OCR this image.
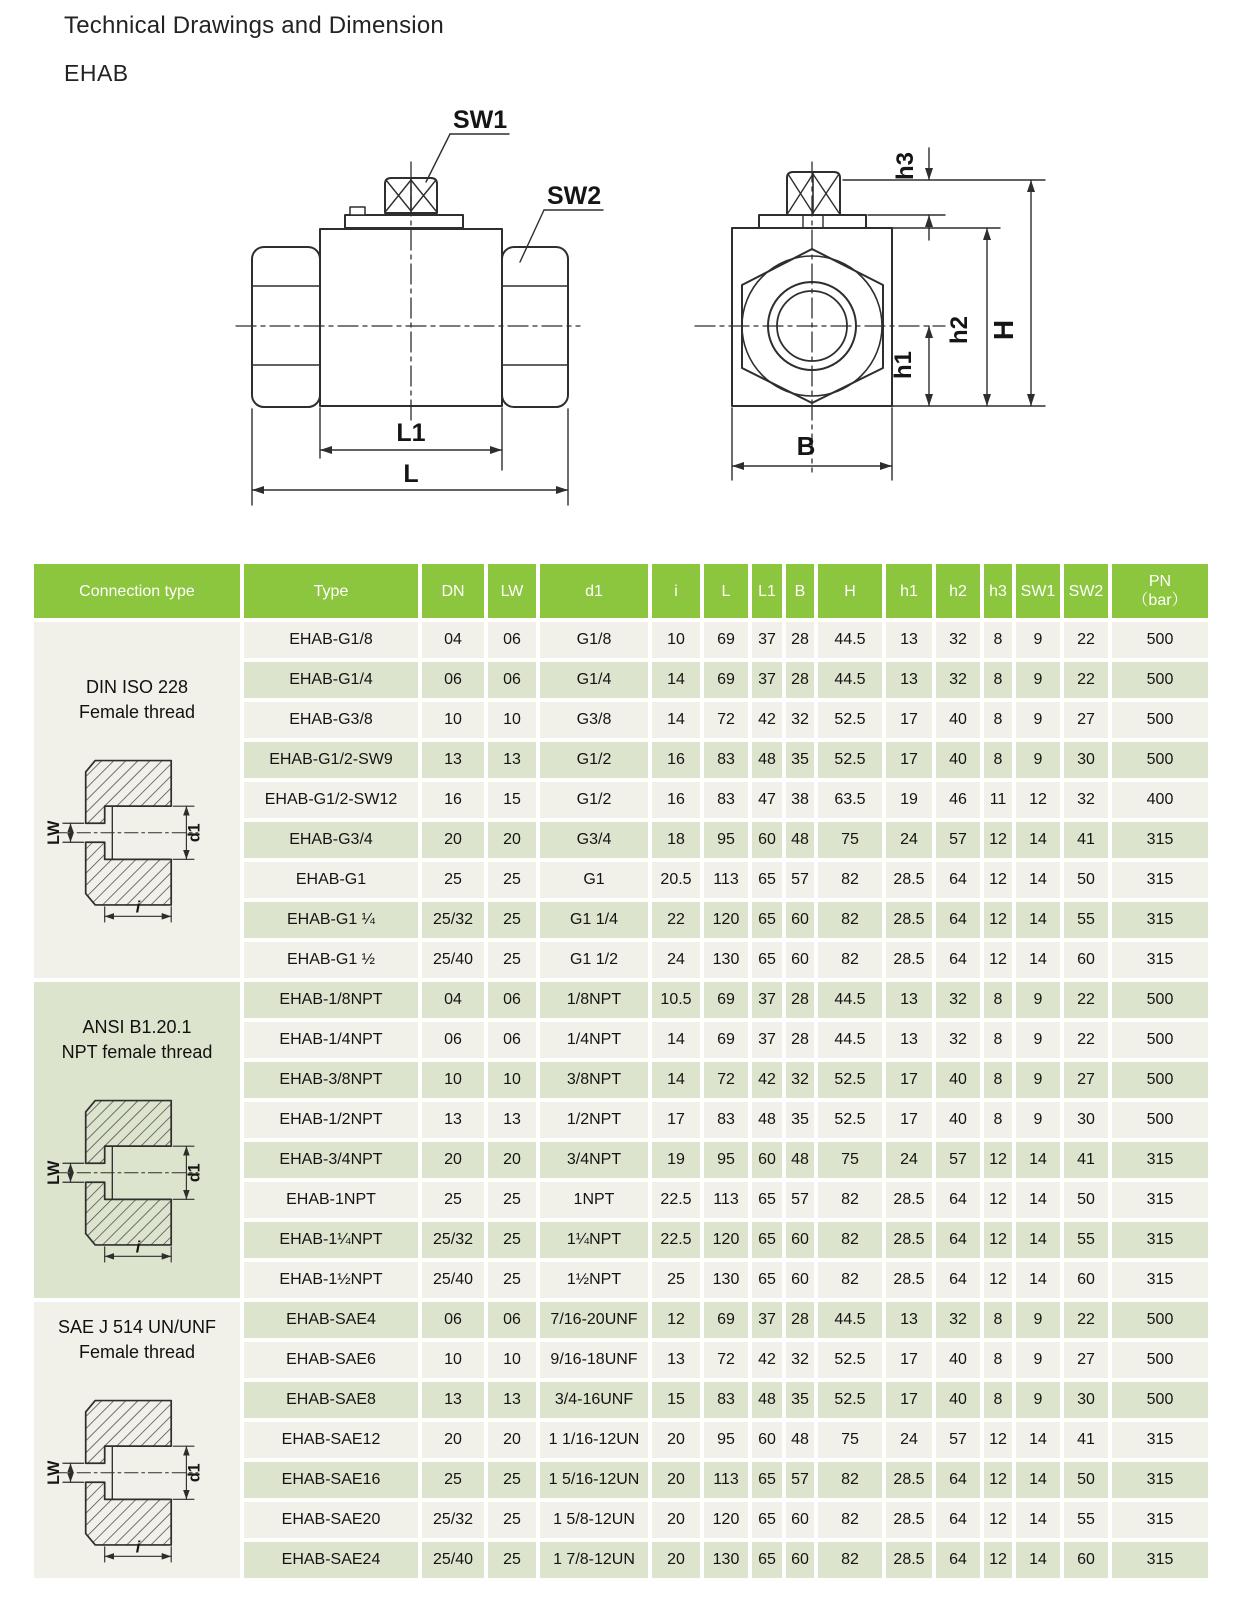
Technical Drawings and Dimension
EHAB
SW1
SW2
L1
L
h3
h1
h2 H
B
Connection type	Type	DN	LW	d1	i	L	L1	B	H	h1	h2	h3	SW1	SW2	PN
（bar）

DIN ISO 228
Female thread
LW d1
i	EHAB-G1/8	04	06	G1/8	10	69	37	28	44.5	13	32	8	9	22	500
	EHAB-G1/4	06	06	G1/4	14	69	37	28	44.5	13	32	8	9	22	500
	EHAB-G3/8	10	10	G3/8	14	72	42	32	52.5	17	40	8	9	27	500
	EHAB-G1/2-SW9	13	13	G1/2	16	83	48	35	52.5	17	40	8	9	30	500
	EHAB-G1/2-SW12	16	15	G1/2	16	83	47	38	63.5	19	46	11	12	32	400
	EHAB-G3/4	20	20	G3/4	18	95	60	48	75	24	57	12	14	41	315
	EHAB-G1	25	25	G1	20.5	113	65	57	82	28.5	64	12	14	50	315
	EHAB-G1 ¼	25/32	25	G1 1/4	22	120	65	60	82	28.5	64	12	14	55	315
	EHAB-G1 ½	25/40	25	G1 1/2	24	130	65	60	82	28.5	64	12	14	60	315

ANSI B1.20.1
NPT female thread
LW d1
i	EHAB-1/8NPT	04	06	1/8NPT	10.5	69	37	28	44.5	13	32	8	9	22	500
	EHAB-1/4NPT	06	06	1/4NPT	14	69	37	28	44.5	13	32	8	9	22	500
	EHAB-3/8NPT	10	10	3/8NPT	14	72	42	32	52.5	17	40	8	9	27	500
	EHAB-1/2NPT	13	13	1/2NPT	17	83	48	35	52.5	17	40	8	9	30	500
	EHAB-3/4NPT	20	20	3/4NPT	19	95	60	48	75	24	57	12	14	41	315
	EHAB-1NPT	25	25	1NPT	22.5	113	65	57	82	28.5	64	12	14	50	315
	EHAB-1¼NPT	25/32	25	1¼NPT	22.5	120	65	60	82	28.5	64	12	14	55	315
	EHAB-1½NPT	25/40	25	1½NPT	25	130	65	60	82	28.5	64	12	14	60	315

SAE J 514 UN/UNF
Female thread
LW d1
i	EHAB-SAE4	06	06	7/16-20UNF	12	69	37	28	44.5	13	32	8	9	22	500
	EHAB-SAE6	10	10	9/16-18UNF	13	72	42	32	52.5	17	40	8	9	27	500
	EHAB-SAE8	13	13	3/4-16UNF	15	83	48	35	52.5	17	40	8	9	30	500
	EHAB-SAE12	20	20	1 1/16-12UN	20	95	60	48	75	24	57	12	14	41	315
	EHAB-SAE16	25	25	1 5/16-12UN	20	113	65	57	82	28.5	64	12	14	50	315
	EHAB-SAE20	25/32	25	1 5/8-12UN	20	120	65	60	82	28.5	64	12	14	55	315
	EHAB-SAE24	25/40	25	1 7/8-12UN	20	130	65	60	82	28.5	64	12	14	60	315
